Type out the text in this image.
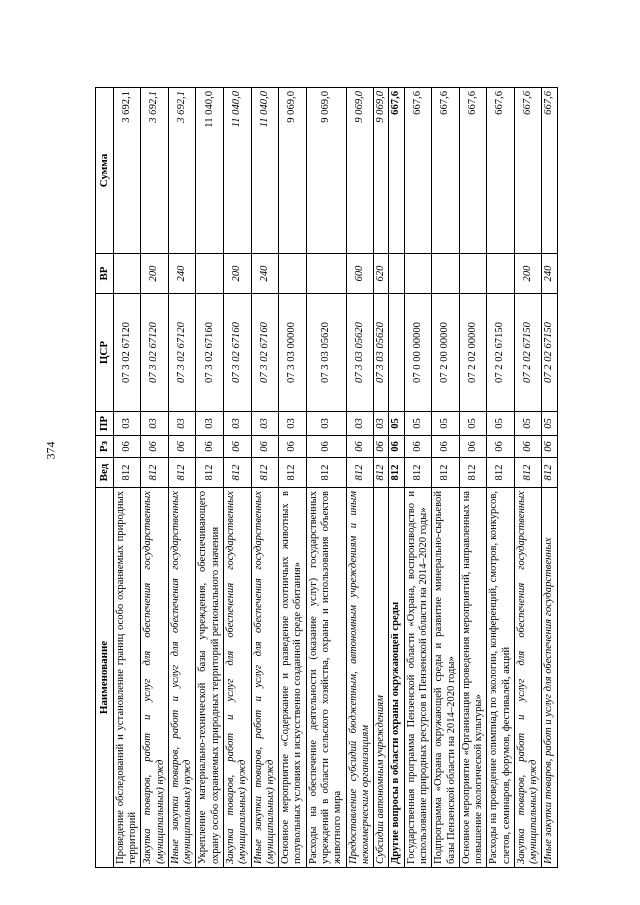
374
Наименование	Вед	Рз	ПР	ЦСР	ВР	Сумма
Проведение обследований и установление границ особо охраняемых природных территорий	812	06	03	07 3 02 67120		3 692,1
Закупка товаров, работ и услуг для обеспечения государственных (муниципальных) нужд	812	06	03	07 3 02 67120	200	3 692,1
Иные закупки товаров, работ и услуг для обеспечения государственных (муниципальных) нужд	812	06	03	07 3 02 67120	240	3 692,1
Укрепление материально-технической базы учреждения, обеспечивающего охрану особо охраняемых природных территорий регионального значения	812	06	03	07 3 02 67160		11 040,0
Закупка товаров, работ и услуг для обеспечения государственных (муниципальных) нужд	812	06	03	07 3 02 67160	200	11 040,0
Иные закупки товаров, работ и услуг для обеспечения государственных (муниципальных) нужд	812	06	03	07 3 02 67160	240	11 040,0
Основное мероприятие «Содержание и разведение охотничьих животных в полувольных условиях и искусственно созданной среде обитания»	812	06	03	07 3 03 00000		9 069,0
Расходы на обеспечение деятельности (оказание услуг) государственных учреждений в области сельского хозяйства, охраны и использования объектов животного мира	812	06	03	07 3 03 05620		9 069,0
Предоставление субсидий бюджетным, автономным учреждениям и иным некоммерческим организациям	812	06	03	07 3 03 05620	600	9 069,0
Субсидии автономным учреждениям	812	06	03	07 3 03 05620	620	9 069,0
Другие вопросы в области охраны окружающей среды	812	06	05			667,6
Государственная программа Пензенской области «Охрана, воспроизводство и использование природных ресурсов в Пензенской области на 2014–2020 годы»	812	06	05	07 0 00 00000		667,6
Подпрограмма «Охрана окружающей среды и развитие минерально-сырьевой базы Пензенской области на 2014–2020 годы»	812	06	05	07 2 00 00000		667,6
Основное мероприятие «Организация проведения мероприятий, направленных на повышение экологической культуры»	812	06	05	07 2 02 00000		667,6
Расходы на проведение олимпиад по экологии, конференций, смотров, конкурсов, слетов, семинаров, форумов, фестивалей, акций	812	06	05	07 2 02 67150		667,6
Закупка товаров, работ и услуг для обеспечения государственных (муниципальных) нужд	812	06	05	07 2 02 67150	200	667,6
Иные закупки товаров, работ и услуг для обеспечения государственных	812	06	05	07 2 02 67150	240	667,6
